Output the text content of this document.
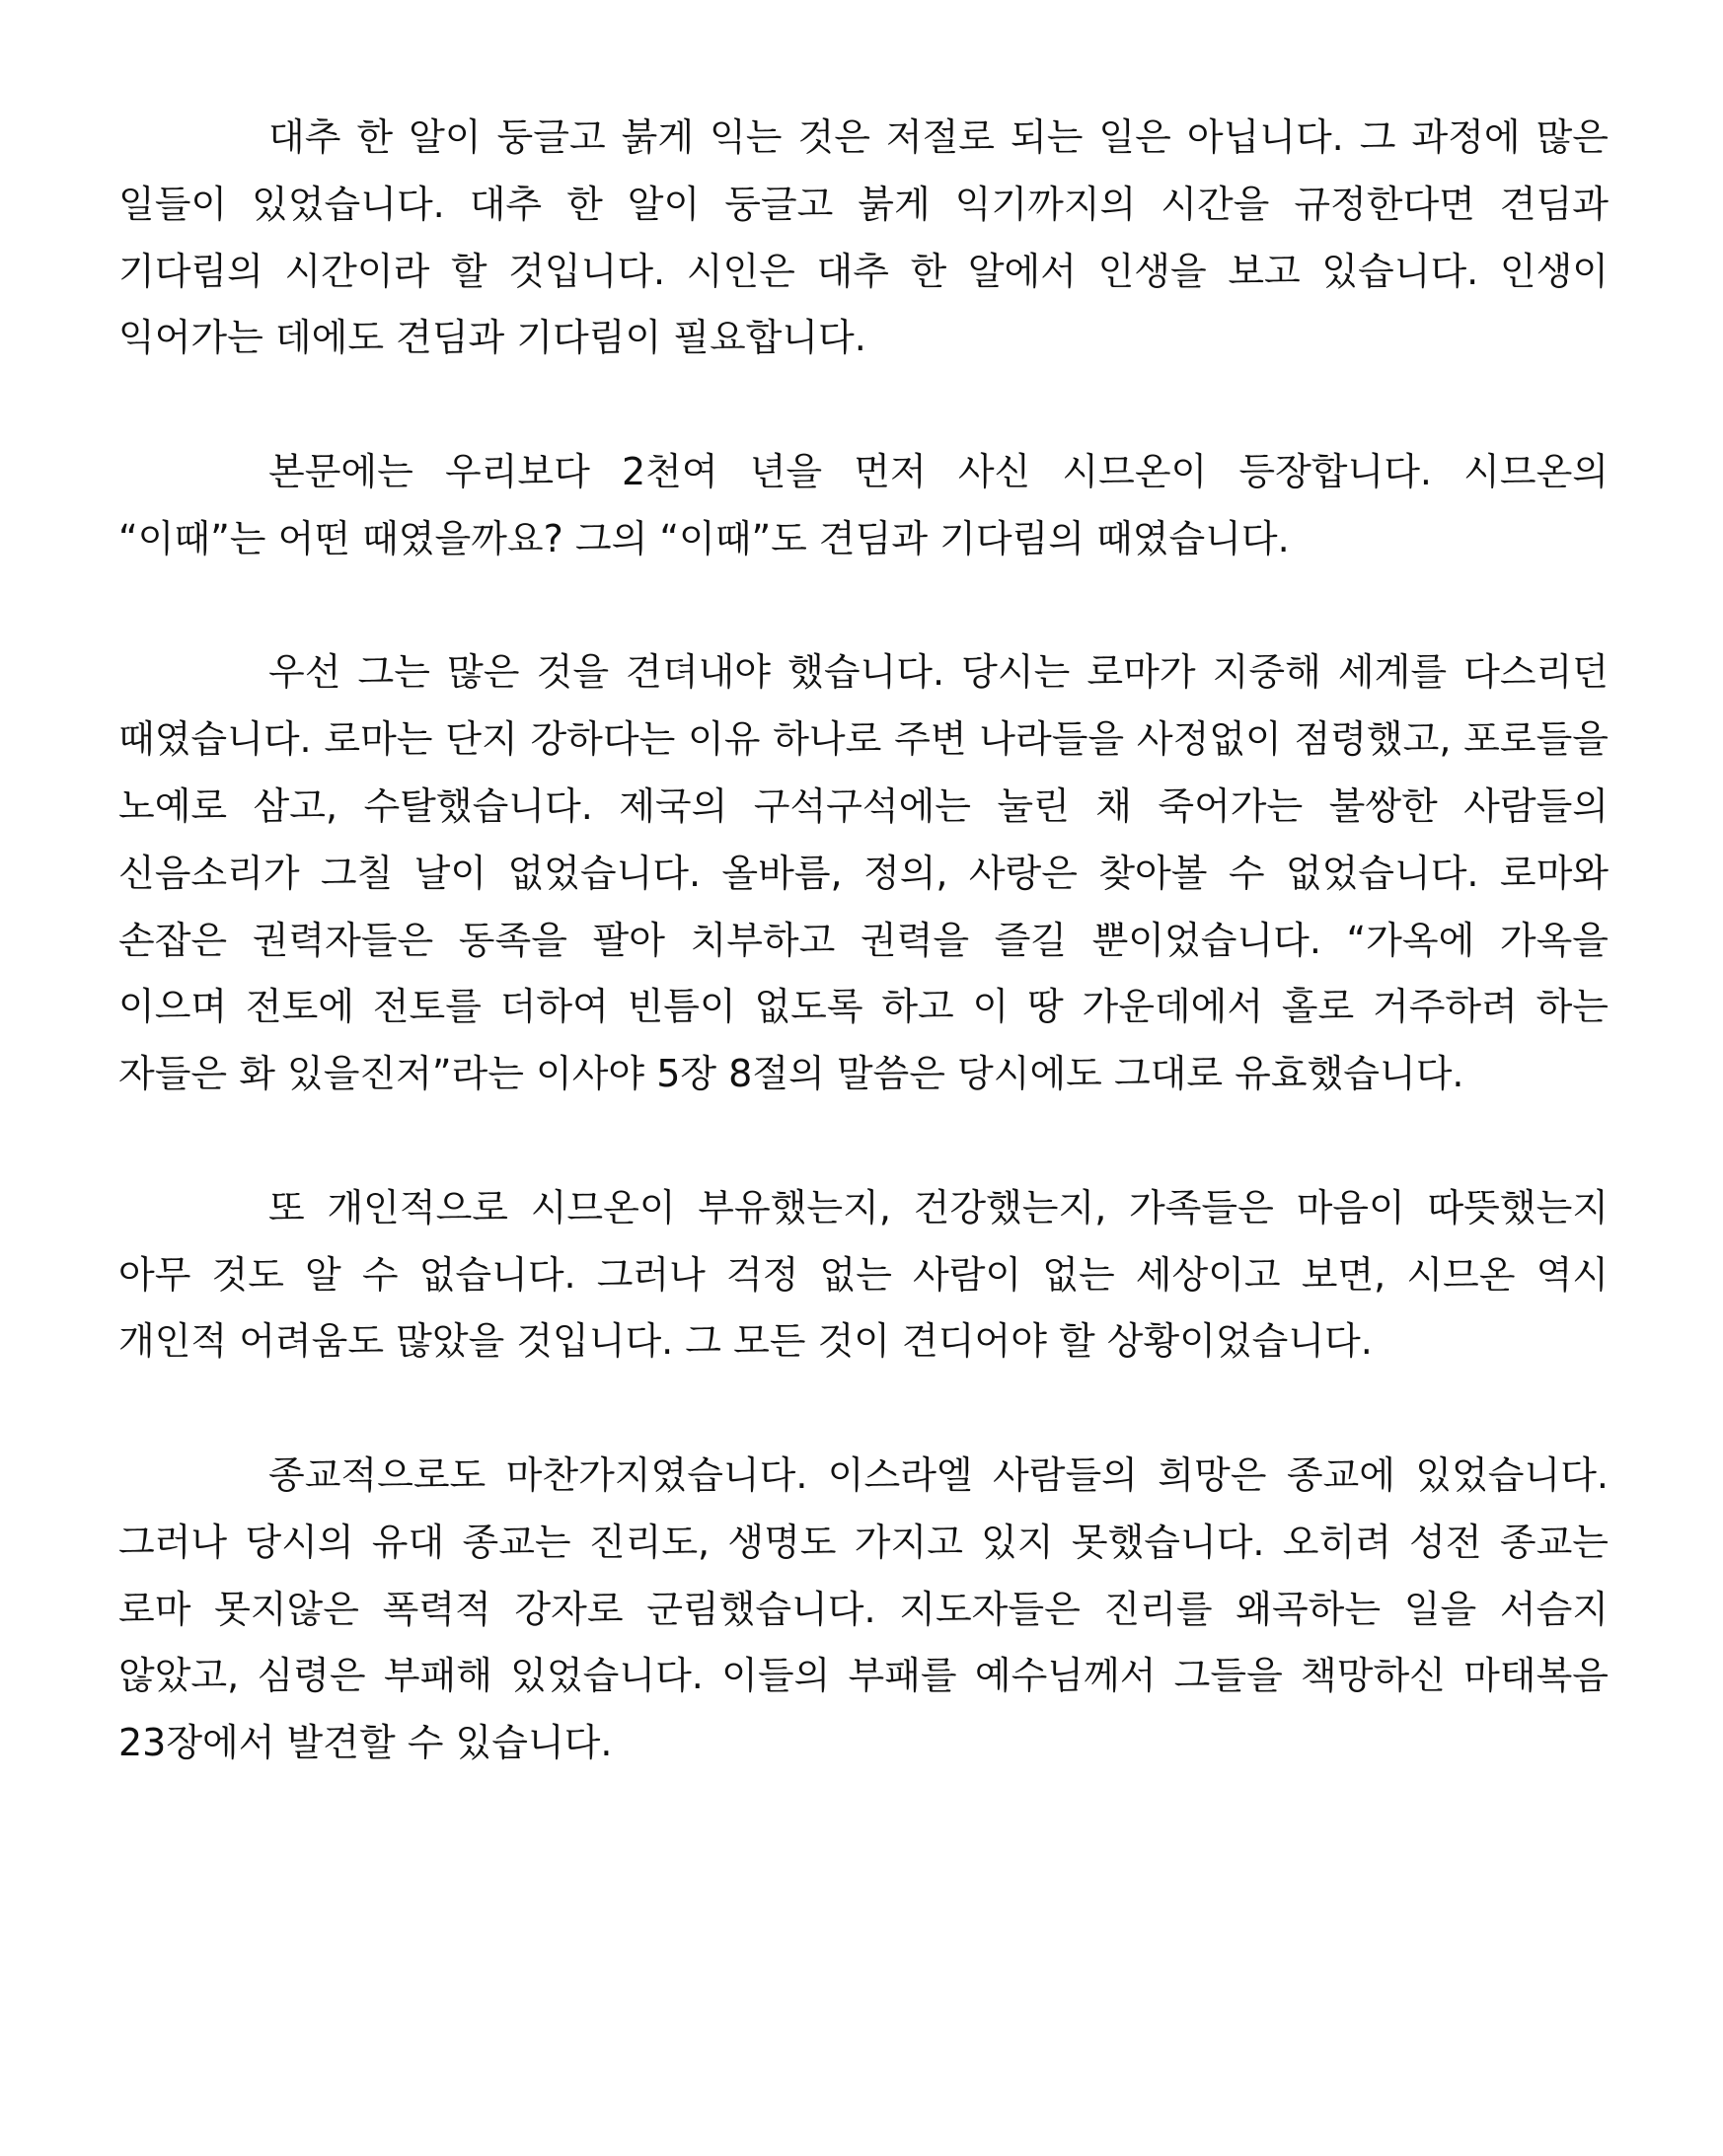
대추 한 알이 둥글고 붉게 익는 것은 저절로 되는 일은 아닙니다. 그 과정에 많은 일들이 있었습니다. 대추 한 알이 둥글고 붉게 익기까지의 시간을 규정한다면 견딤과 기다림의 시간이라 할 것입니다. 시인은 대추 한 알에서 인생을 보고 있습니다. 인생이 익어가는 데에도 견딤과 기다림이 필요합니다.

본문에는 우리보다 2천여 년을 먼저 사신 시므온이 등장합니다. 시므온의 “이때”는 어떤 때였을까요? 그의 “이때”도 견딤과 기다림의 때였습니다.

우선 그는 많은 것을 견뎌내야 했습니다. 당시는 로마가 지중해 세계를 다스리던 때였습니다. 로마는 단지 강하다는 이유 하나로 주변 나라들을 사정없이 점령했고, 포로들을 노예로 삼고, 수탈했습니다. 제국의 구석구석에는 눌린 채 죽어가는 불쌍한 사람들의 신음소리가 그칠 날이 없었습니다. 올바름, 정의, 사랑은 찾아볼 수 없었습니다. 로마와 손잡은 권력자들은 동족을 팔아 치부하고 권력을 즐길 뿐이었습니다. “가옥에 가옥을 이으며 전토에 전토를 더하여 빈틈이 없도록 하고 이 땅 가운데에서 홀로 거주하려 하는 자들은 화 있을진저”라는 이사야 5장 8절의 말씀은 당시에도 그대로 유효했습니다.

또 개인적으로 시므온이 부유했는지, 건강했는지, 가족들은 마음이 따뜻했는지 아무 것도 알 수 없습니다. 그러나 걱정 없는 사람이 없는 세상이고 보면, 시므온 역시 개인적 어려움도 많았을 것입니다. 그 모든 것이 견디어야 할 상황이었습니다.

종교적으로도 마찬가지였습니다. 이스라엘 사람들의 희망은 종교에 있었습니다. 그러나 당시의 유대 종교는 진리도, 생명도 가지고 있지 못했습니다. 오히려 성전 종교는 로마 못지않은 폭력적 강자로 군림했습니다. 지도자들은 진리를 왜곡하는 일을 서슴지 않았고, 심령은 부패해 있었습니다. 이들의 부패를 예수님께서 그들을 책망하신 마태복음 23장에서 발견할 수 있습니다.
